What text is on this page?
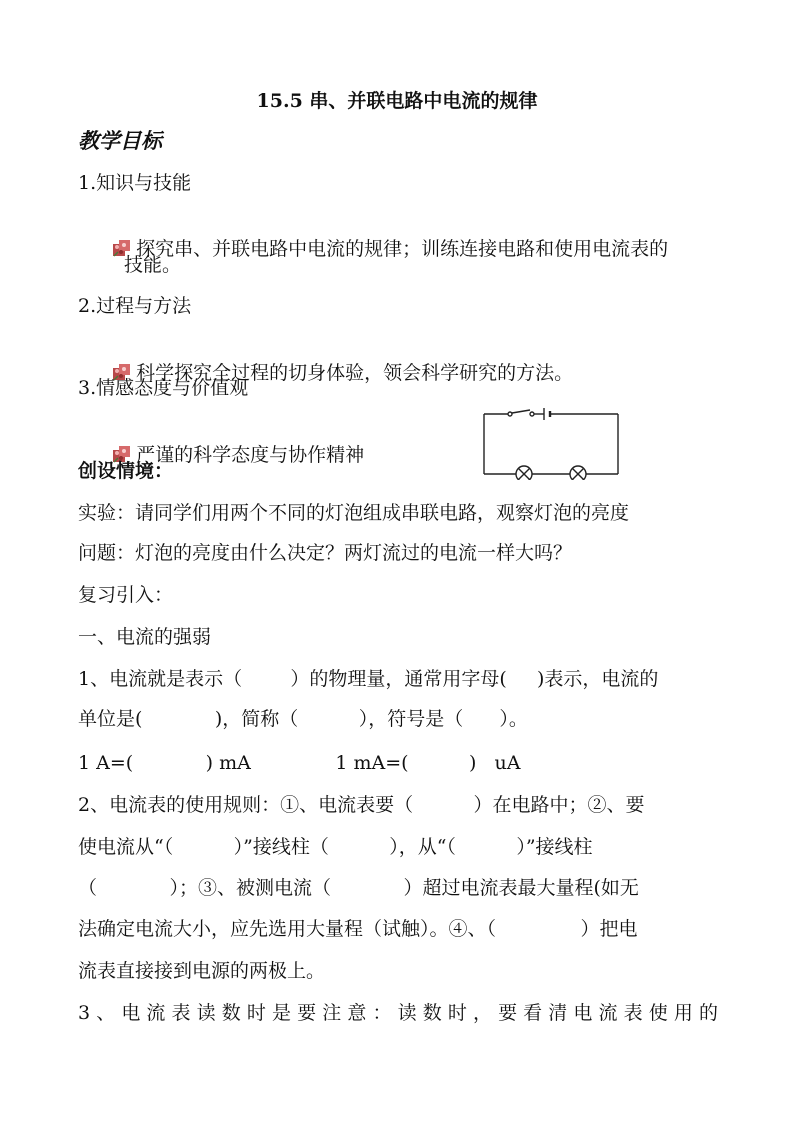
15.5 串、并联电路中电流的规律
教学目标
1.知识与技能

探究串、并联电路中电流的规律；训练连接电路和使用电流表的

技能。
2.过程与方法

科学探究全过程的切身体验，领会科学研究的方法。

3.情感态度与价值观

严谨的科学态度与协作精神

创设情境：
实验：请同学们用两个不同的灯泡组成串联电路，观察灯泡的亮度
问题：灯泡的亮度由什么决定？两灯流过的电流一样大吗？
复习引入：
一、电流的强弱
1、电流就是表示（        ）的物理量，通常用字母(     )表示，电流的
单位是(            )，简称（          ），符号是（      ）。
1 A=(            ) mA              1 mA=(          )   uA
2、电流表的使用规则：①、电流表要（          ）在电路中；②、要
使电流从“（          ）”接线柱（          ），从“（          ）”接线柱
（            ）；③、被测电流（            ）超过电流表最大量程(如无
法确定电流大小，应先选用大量程（试触）。④、（              ）把电
流表直接接到电源的两极上。
3、电流表读数时是要注意：读数时，要看清电流表使用的
